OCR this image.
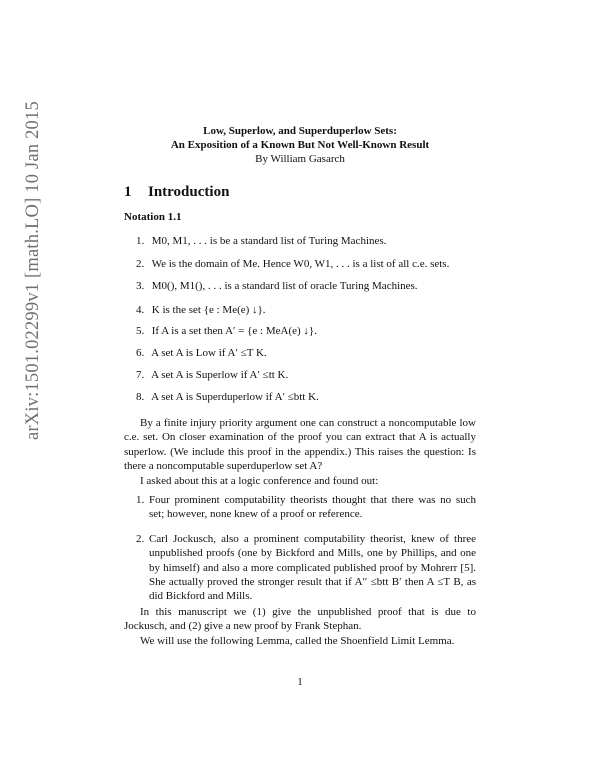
arXiv:1501.02299v1 [math.LO] 10 Jan 2015	Low, Superlow, and Superduperlow Sets:
An Exposition of a Known But Not Well-Known Result
By William Gasarch
1 Introduction
Notation 1.1
1. M0, M1, . . . is be a standard list of Turing Machines.
2. We is the domain of Me. Hence W0, W1, . . . is a list of all c.e. sets.
3. M0(), M1(), . . . is a standard list of oracle Turing Machines.
4. K is the set {e : Me(e) ↓}.
5. If A is a set then A′ = {e : MeA(e) ↓}.
6. A set A is Low if A′ ≤T K.
7. A set A is Superlow if A′ ≤tt K.
8. A set A is Superduperlow if A′ ≤btt K.
By a finite injury priority argument one can construct a noncomputable low c.e. set. On closer examination of the proof you can extract that A is actually superlow. (We include this proof in the appendix.) This raises the question: Is there a noncomputable superduperlow set A?
I asked about this at a logic conference and found out:
1. Four prominent computability theorists thought that there was no such set; however, none knew of a proof or reference.
2. Carl Jockusch, also a prominent computability theorist, knew of three unpublished proofs (one by Bickford and Mills, one by Phillips, and one by himself) and also a more complicated published proof by Mohrerr [5]. She actually proved the stronger result that if A′′ ≤btt B′ then A ≤T B, as did Bickford and Mills.
In this manuscript we (1) give the unpublished proof that is due to Jockusch, and (2) give a new proof by Frank Stephan.
We will use the following Lemma, called the Shoenfield Limit Lemma.
1
